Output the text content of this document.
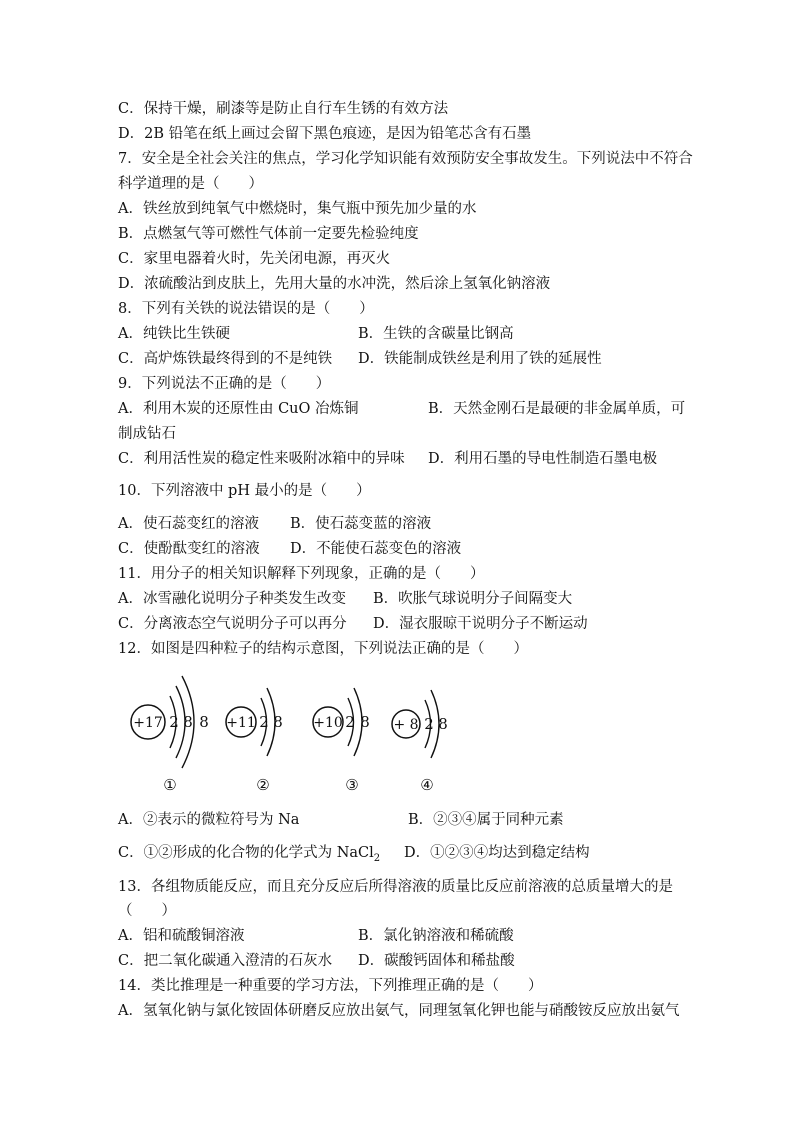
C．保持干燥，刷漆等是防止自行车生锈的有效方法
D．2B 铅笔在纸上画过会留下黑色痕迹，是因为铅笔芯含有石墨
7．安全是全社会关注的焦点，学习化学知识能有效预防安全事故发生。下列说法中不符合
科学道理的是（　　）
A．铁丝放到纯氧气中燃烧时，集气瓶中预先加少量的水
B．点燃氢气等可燃性气体前一定要先检验纯度
C．家里电器着火时，先关闭电源，再灭火
D．浓硫酸沾到皮肤上，先用大量的水冲洗，然后涂上氢氧化钠溶液
8．下列有关铁的说法错误的是（　　）
A．纯铁比生铁硬	B．生铁的含碳量比钢高
C．高炉炼铁最终得到的不是纯铁 D．铁能制成铁丝是利用了铁的延展性
9．下列说法不正确的是（　　）
A．利用木炭的还原性由 CuO 冶炼铜	B．天然金刚石是最硬的非金属单质，可
制成钻石
C．利用活性炭的稳定性来吸附冰箱中的异味 D．利用石墨的导电性制造石墨电极
10．下列溶液中 pH 最小的是（　　）
A．使石蕊变红的溶液 B．使石蕊变蓝的溶液
C．使酚酞变红的溶液 D．不能使石蕊变色的溶液
11．用分子的相关知识解释下列现象，正确的是（　　）
A．冰雪融化说明分子种类发生改变 B．吹胀气球说明分子间隔变大
C．分离液态空气说明分子可以再分 D．湿衣服晾干说明分子不断运动
12．如图是四种粒子的结构示意图，下列说法正确的是（　　）
+17 2 8 8
①
+11 2 8
②
+10 2 8
③
+ 8 2 8
④
A．②表示的微粒符号为 Na	B．②③④属于同种元素
C．①②形成的化合物的化学式为 NaCl$_2$ D．①②③④均达到稳定结构
13．各组物质能反应，而且充分反应后所得溶液的质量比反应前溶液的总质量增大的是
（　　）
A．铝和硫酸铜溶液	B．氯化钠溶液和稀硫酸
C．把二氧化碳通入澄清的石灰水 D．碳酸钙固体和稀盐酸
14．类比推理是一种重要的学习方法，下列推理正确的是（　　）
A．氢氧化钠与氯化铵固体研磨反应放出氨气，同理氢氧化钾也能与硝酸铵反应放出氨气
